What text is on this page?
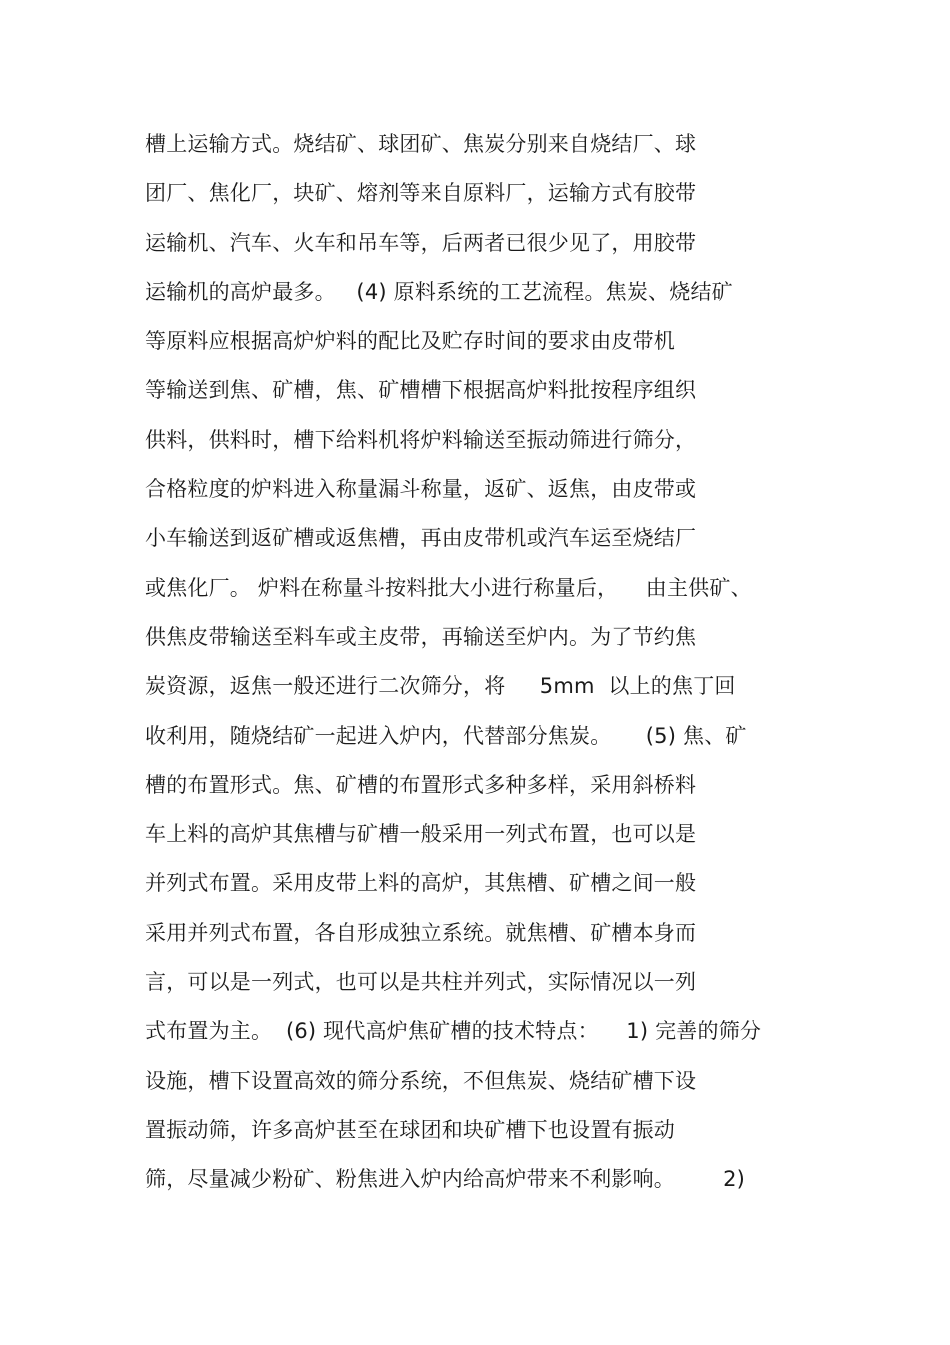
槽上运输方式。烧结矿、球团矿、焦炭分别来自烧结厂、球
团厂、焦化厂，块矿、熔剂等来自原料厂，运输方式有胶带
运输机、汽车、火车和吊车等，后两者已很少见了，用胶带
运输机的高炉最多。   (4) 原料系统的工艺流程。焦炭、烧结矿
等原料应根据高炉炉料的配比及贮存时间的要求由皮带机
等输送到焦、矿槽，焦、矿槽槽下根据高炉料批按程序组织
供料，供料时，槽下给料机将炉料输送至振动筛进行筛分，
合格粒度的炉料进入称量漏斗称量，返矿、返焦，由皮带或
小车输送到返矿槽或返焦槽，再由皮带机或汽车运至烧结厂
或焦化厂。 炉料在称量斗按料批大小进行称量后，    由主供矿、
供焦皮带输送至料车或主皮带，再输送至炉内。为了节约焦
炭资源，返焦一般还进行二次筛分，将     5mm  以上的焦丁回
收利用，随烧结矿一起进入炉内，代替部分焦炭。     (5) 焦、矿
槽的布置形式。焦、矿槽的布置形式多种多样，采用斜桥料
车上料的高炉其焦槽与矿槽一般采用一列式布置，也可以是
并列式布置。采用皮带上料的高炉，其焦槽、矿槽之间一般
采用并列式布置，各自形成独立系统。就焦槽、矿槽本身而
言，可以是一列式，也可以是共柱并列式，实际情况以一列
式布置为主。  (6) 现代高炉焦矿槽的技术特点：    1) 完善的筛分
设施，槽下设置高效的筛分系统，不但焦炭、烧结矿槽下设
置振动筛，许多高炉甚至在球团和块矿槽下也设置有振动
筛，尽量减少粉矿、粉焦进入炉内给高炉带来不利影响。       2)
